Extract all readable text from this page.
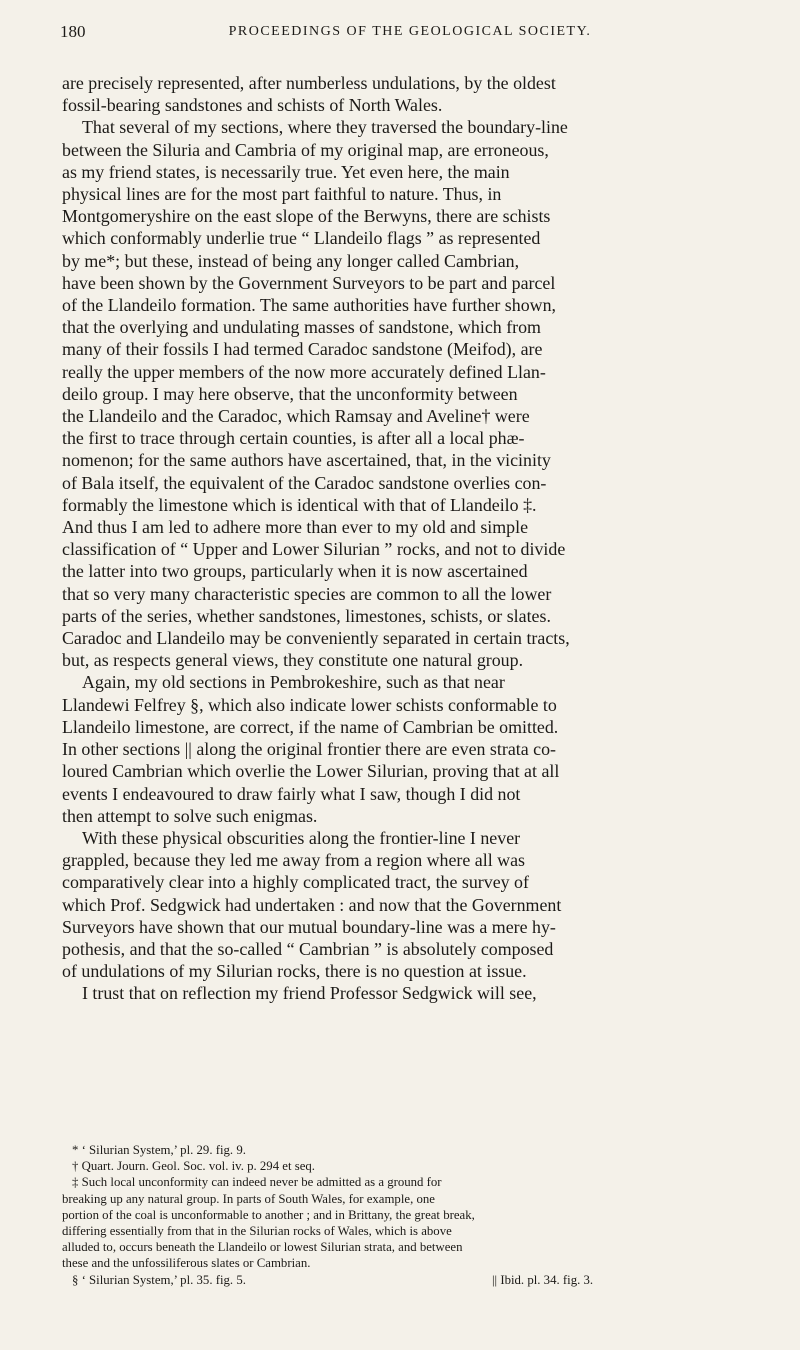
180	PROCEEDINGS OF THE GEOLOGICAL SOCIETY.
are precisely represented, after numberless undulations, by the oldest
fossil-bearing sandstones and schists of North Wales.
That several of my sections, where they traversed the boundary-line
between the Siluria and Cambria of my original map, are erroneous,
as my friend states, is necessarily true. Yet even here, the main
physical lines are for the most part faithful to nature. Thus, in
Montgomeryshire on the east slope of the Berwyns, there are schists
which conformably underlie true “ Llandeilo flags ” as represented
by me*; but these, instead of being any longer called Cambrian,
have been shown by the Government Surveyors to be part and parcel
of the Llandeilo formation. The same authorities have further shown,
that the overlying and undulating masses of sandstone, which from
many of their fossils I had termed Caradoc sandstone (Meifod), are
really the upper members of the now more accurately defined Llan-
deilo group. I may here observe, that the unconformity between
the Llandeilo and the Caradoc, which Ramsay and Aveline† were
the first to trace through certain counties, is after all a local phæ-
nomenon; for the same authors have ascertained, that, in the vicinity
of Bala itself, the equivalent of the Caradoc sandstone overlies con-
formably the limestone which is identical with that of Llandeilo ‡.
And thus I am led to adhere more than ever to my old and simple
classification of “ Upper and Lower Silurian ” rocks, and not to divide
the latter into two groups, particularly when it is now ascertained
that so very many characteristic species are common to all the lower
parts of the series, whether sandstones, limestones, schists, or slates.
Caradoc and Llandeilo may be conveniently separated in certain tracts,
but, as respects general views, they constitute one natural group.
Again, my old sections in Pembrokeshire, such as that near
Llandewi Felfrey §, which also indicate lower schists conformable to
Llandeilo limestone, are correct, if the name of Cambrian be omitted.
In other sections || along the original frontier there are even strata co-
loured Cambrian which overlie the Lower Silurian, proving that at all
events I endeavoured to draw fairly what I saw, though I did not
then attempt to solve such enigmas.
With these physical obscurities along the frontier-line I never
grappled, because they led me away from a region where all was
comparatively clear into a highly complicated tract, the survey of
which Prof. Sedgwick had undertaken : and now that the Government
Surveyors have shown that our mutual boundary-line was a mere hy-
pothesis, and that the so-called “ Cambrian ” is absolutely composed
of undulations of my Silurian rocks, there is no question at issue.
I trust that on reflection my friend Professor Sedgwick will see,
* ‘ Silurian System,’ pl. 29. fig. 9.
† Quart. Journ. Geol. Soc. vol. iv. p. 294 et seq.
‡ Such local unconformity can indeed never be admitted as a ground for
breaking up any natural group. In parts of South Wales, for example, one
portion of the coal is unconformable to another ; and in Brittany, the great break,
differing essentially from that in the Silurian rocks of Wales, which is above
alluded to, occurs beneath the Llandeilo or lowest Silurian strata, and between
these and the unfossiliferous slates or Cambrian.
§ ‘ Silurian System,’ pl. 35. fig. 5.	|| Ibid. pl. 34. fig. 3.
